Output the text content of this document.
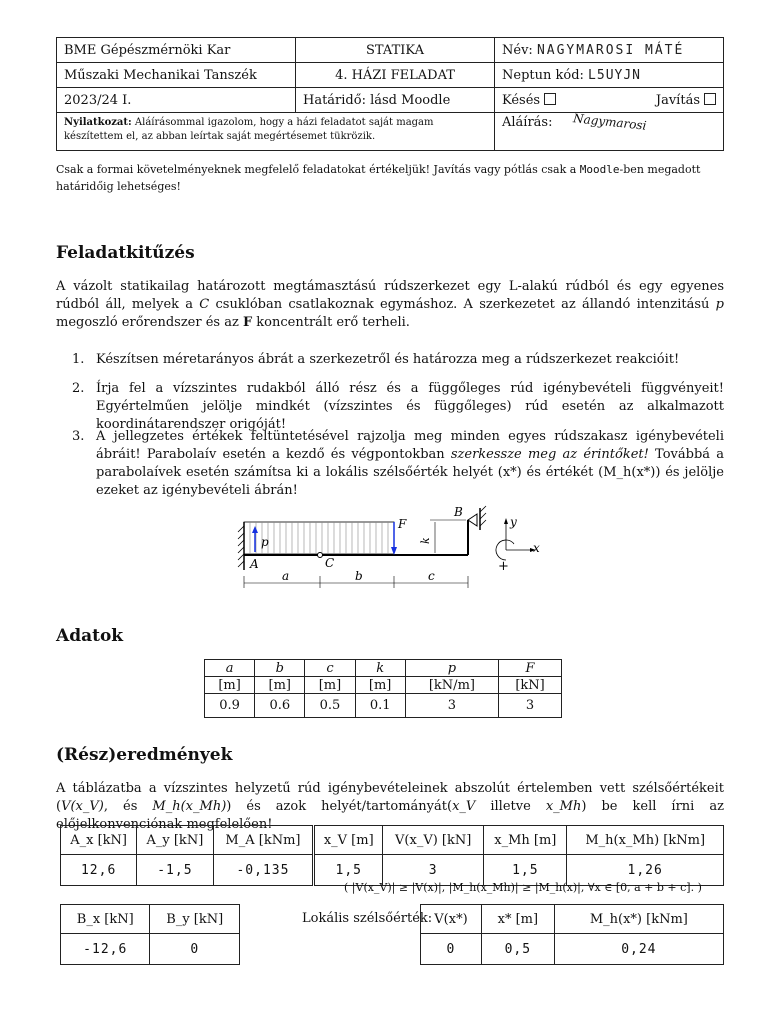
BME Gépészmérnöki Kar	STATIKA	Név: NAGYMAROSI MÁTÉ
Műszaki Mechanikai Tanszék	4. HÁZI FELADAT	Neptun kód: L5UYJN
2023/24 I.	Határidő: lásd Moodle	Késés Javítás

Nyilatkozat: Aláírásommal igazolom, hogy a házi feladatot saját magam készítettem el, az abban leírtak saját megértésemet tükrözik.		Aláírás: Nagymarosi
Csak a formai követelményeknek megfelelő feladatokat értékeljük! Javítás vagy pótlás csak a Moodle-ben megadott határidőig lehetséges!
Feladatkitűzés
A vázolt statikailag határozott megtámasztású rúdszerkezet egy L-alakú rúdból és egy egyenes rúdból áll, melyek a C csuklóban csatlakoznak egymáshoz. A szerkezetet az állandó intenzitású p megoszló erőrendszer és az F koncentrált erő terheli.
1. Készítsen méretarányos ábrát a szerkezetről és határozza meg a rúdszerkezet reakcióit!
2. Írja fel a vízszintes rudakból álló rész és a függőleges rúd igénybevételi függvényeit! Egyértelműen jelölje mindkét (vízszintes és függőleges) rúd esetén az alkalmazott koordinátarendszer origóját!
3. A jellegzetes értékek feltüntetésével rajzolja meg minden egyes rúdszakasz igénybevételi ábráit! Parabolaív esetén a kezdő és végpontokban szerkessze meg az érintőket! Továbbá a parabolaívek esetén számítsa ki a lokális szélsőérték helyét (x*) és értékét (M_h(x*)) és jelölje ezeket az igénybevételi ábrán!
p
F
B
k
A	C
a	b	c
y
x
+
Adatok
a	b	c	k	p	F
[m]	[m]	[m]	[m]	[kN/m]	[kN]
0.9	0.6	0.5	0.1	3	3
(Rész)eredmények
A táblázatba a vízszintes helyzetű rúd igénybevételeinek abszolút értelemben vett szélsőértékeit (V(x_V), és M_h(x_Mh)) és azok helyét/tartományát(x_V illetve x_Mh) be kell írni az előjelkonvenciónak megfelelően!
A_x [kN]	A_y [kN]	M_A [kNm]	x_V [m]	V(x_V) [kN]	x_Mh [m]	M_h(x_Mh) [kNm]
12,6	-1,5	-0,135	1,5	3	1,5	1,26
( |V(x_V)| ≥ |V(x)|, |M_h(x_Mh)| ≥ |M_h(x)|, ∀x ∈ [0, a + b + c]. )
B_x [kN]	B_y [kN]
-12,6	0
Lokális szélsőérték: V(x*)	x* [m]	M_h(x*) [kNm]
0	0,5	0,24
